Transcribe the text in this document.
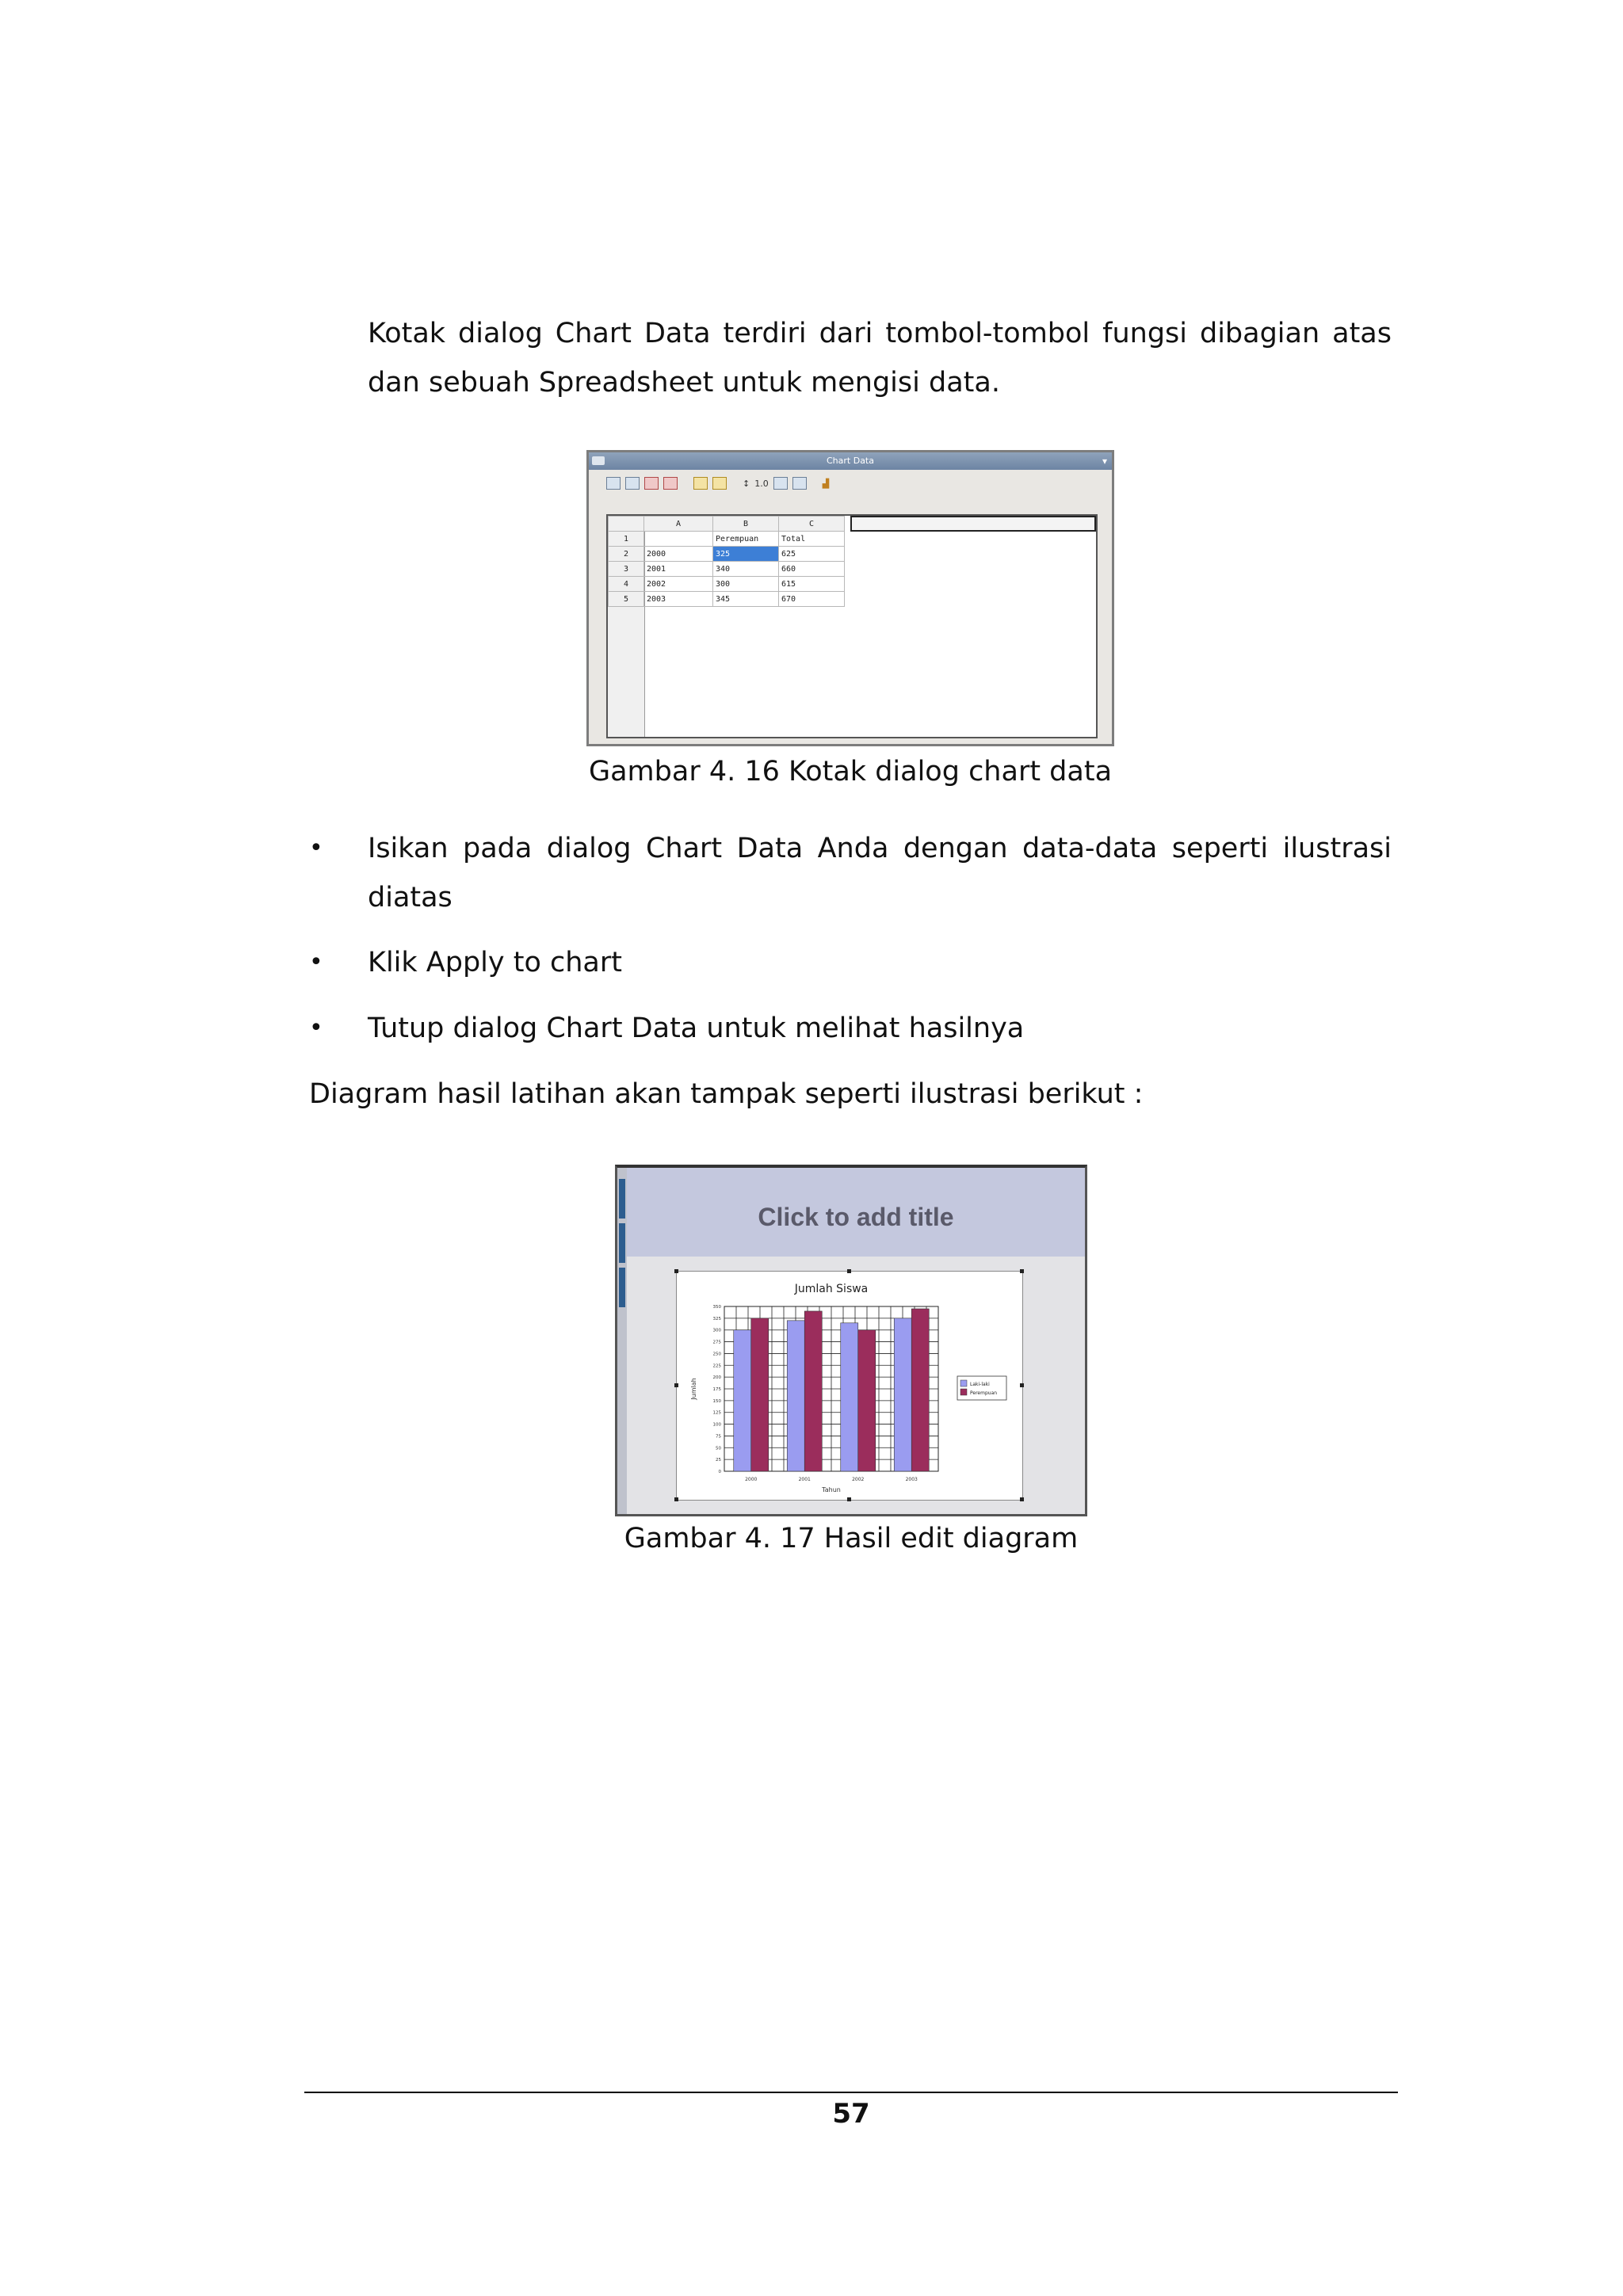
Kotak dialog Chart Data terdiri dari tombol-tombol fungsi dibagian atas dan sebuah Spreadsheet untuk mengisi data.

Chart Data	▾
↕ 1.0	▟
	A	B	C
1		Perempuan	Total
2	2000	325	625
3	2001	340	660
4	2002	300	615
5	2003	345	670
Gambar 4. 16 Kotak dialog chart data
• Isikan pada dialog Chart Data Anda dengan data-data seperti ilustrasi diatas

• Klik Apply to chart

• Tutup dialog Chart Data untuk melihat hasilnya

Diagram hasil latihan akan tampak seperti ilustrasi berikut :

Click to add title
Jumlah Siswa
0
25
50
75
100
125
150
175
200
225
250
275
300
325
350
2000	2001	2002	2003
Tahun
Jumlah	Laki-laki
Perempuan
Gambar 4. 17 Hasil edit diagram
57
